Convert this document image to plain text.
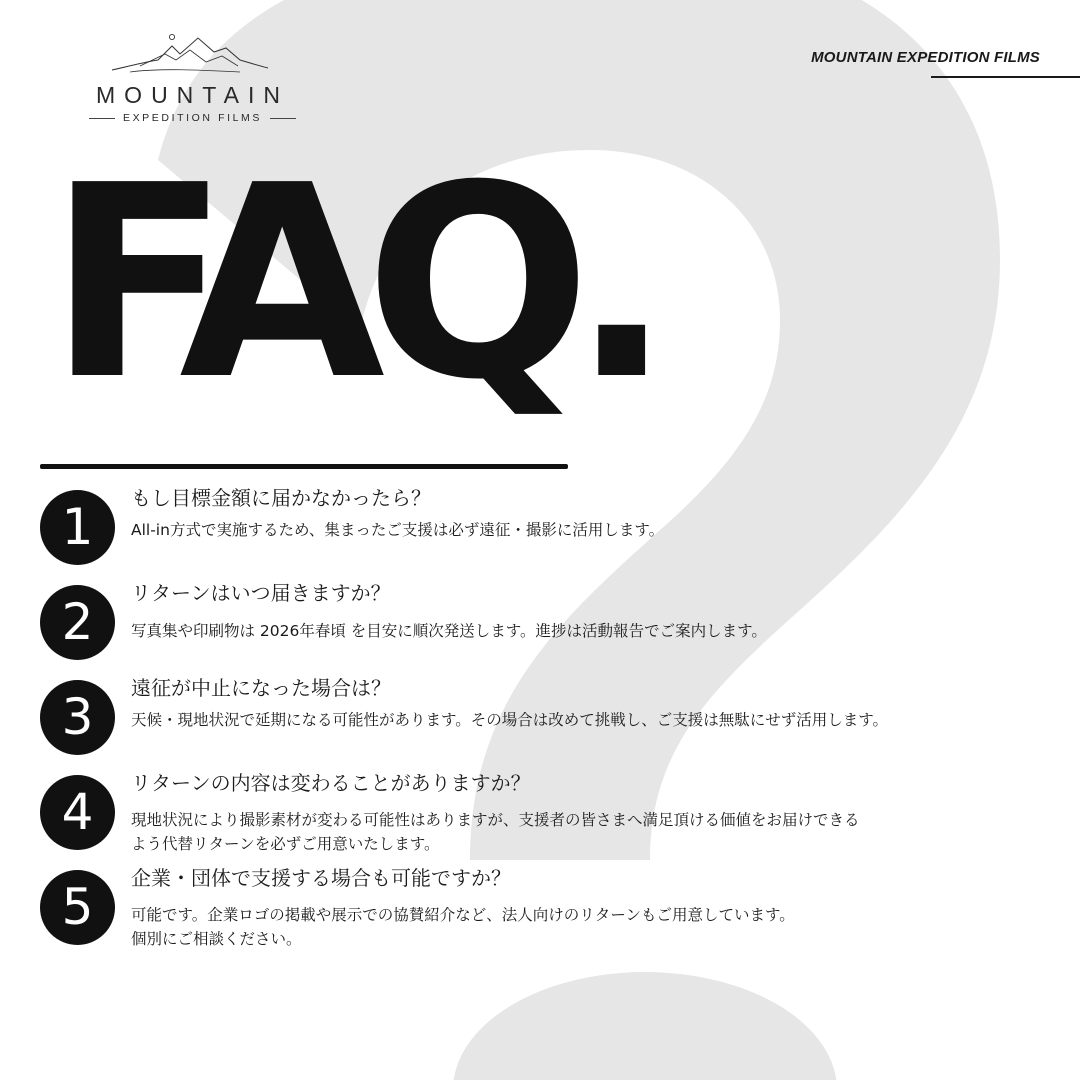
MOUNTAIN EXPEDITION FILMS
MOUNTAIN
EXPEDITION FILMS
FAQ.
1	もし目標金額に届かなかったら？
All-in方式で実施するため、集まったご支援は必ず遠征・撮影に活用します。
2	リターンはいつ届きますか？
写真集や印刷物は 2026年春頃 を目安に順次発送します。進捗は活動報告でご案内します。
3	遠征が中止になった場合は？
天候・現地状況で延期になる可能性があります。その場合は改めて挑戦し、ご支援は無駄にせず活用します。
4	リターンの内容は変わることがありますか？
現地状況により撮影素材が変わる可能性はありますが、支援者の皆さまへ満足頂ける価値をお届けできる
よう代替リターンを必ずご用意いたします。
5	企業・団体で支援する場合も可能ですか？
可能です。企業ロゴの掲載や展示での協賛紹介など、法人向けのリターンもご用意しています。
個別にご相談ください。
